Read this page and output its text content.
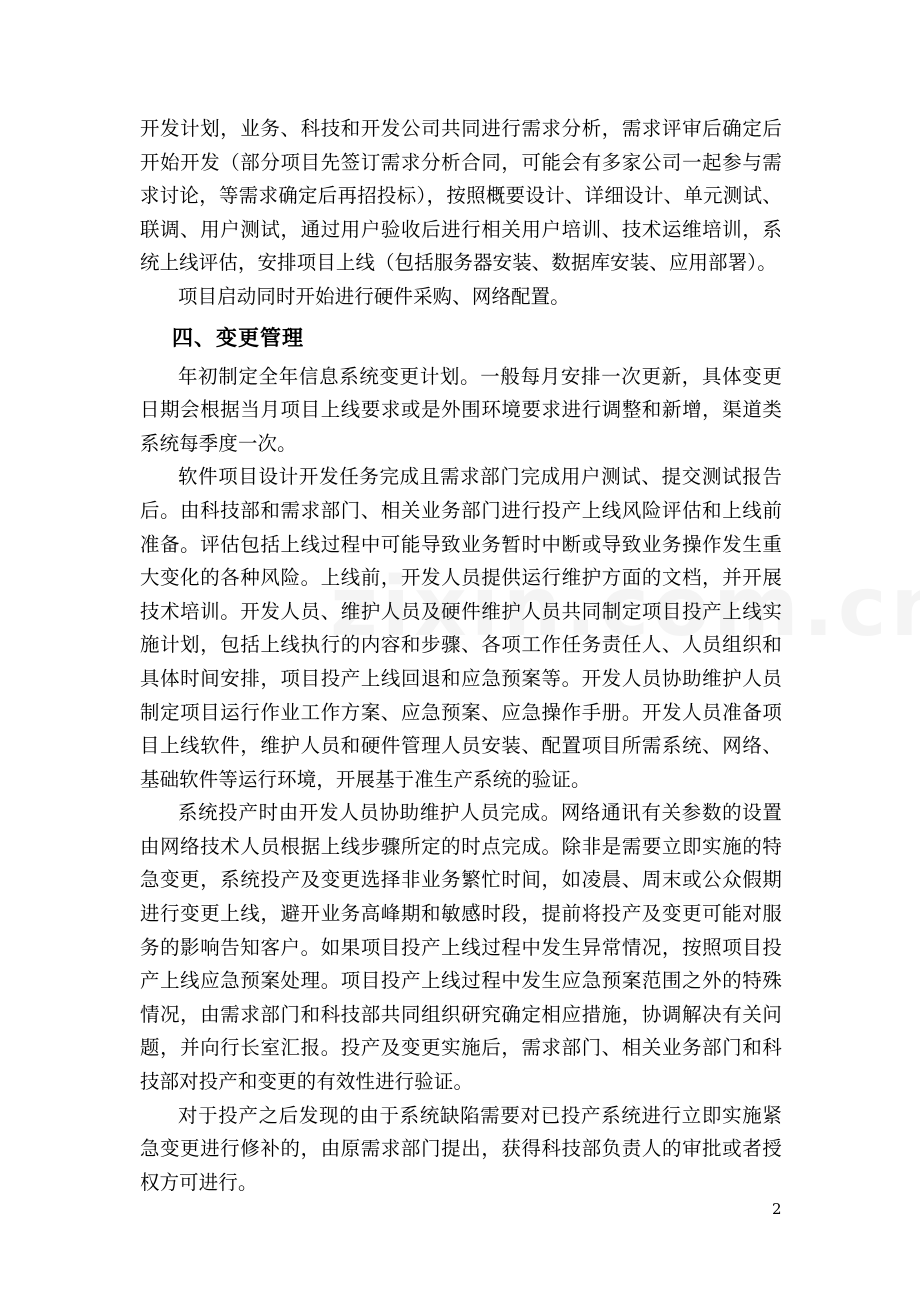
开发计划，业务、科技和开发公司共同进行需求分析，需求评审后确定后开始开发（部分项目先签订需求分析合同，可能会有多家公司一起参与需求讨论，等需求确定后再招投标），按照概要设计、详细设计、单元测试、联调、用户测试，通过用户验收后进行相关用户培训、技术运维培训，系统上线评估，安排项目上线（包括服务器安装、数据库安装、应用部署）。

项目启动同时开始进行硬件采购、网络配置。

四、变更管理

年初制定全年信息系统变更计划。一般每月安排一次更新，具体变更日期会根据当月项目上线要求或是外围环境要求进行调整和新增，渠道类系统每季度一次。

软件项目设计开发任务完成且需求部门完成用户测试、提交测试报告后。由科技部和需求部门、相关业务部门进行投产上线风险评估和上线前准备。评估包括上线过程中可能导致业务暂时中断或导致业务操作发生重大变化的各种风险。上线前，开发人员提供运行维护方面的文档，并开展技术培训。开发人员、维护人员及硬件维护人员共同制定项目投产上线实施计划，包括上线执行的内容和步骤、各项工作任务责任人、人员组织和具体时间安排，项目投产上线回退和应急预案等。开发人员协助维护人员制定项目运行作业工作方案、应急预案、应急操作手册。开发人员准备项目上线软件，维护人员和硬件管理人员安装、配置项目所需系统、网络、基础软件等运行环境，开展基于准生产系统的验证。

系统投产时由开发人员协助维护人员完成。网络通讯有关参数的设置由网络技术人员根据上线步骤所定的时点完成。除非是需要立即实施的特急变更，系统投产及变更选择非业务繁忙时间，如凌晨、周末或公众假期进行变更上线，避开业务高峰期和敏感时段，提前将投产及变更可能对服务的影响告知客户。如果项目投产上线过程中发生异常情况，按照项目投产上线应急预案处理。项目投产上线过程中发生应急预案范围之外的特殊情况，由需求部门和科技部共同组织研究确定相应措施，协调解决有关问题，并向行长室汇报。投产及变更实施后，需求部门、相关业务部门和科技部对投产和变更的有效性进行验证。

对于投产之后发现的由于系统缺陷需要对已投产系统进行立即实施紧急变更进行修补的，由原需求部门提出，获得科技部负责人的审批或者授权方可进行。

2
